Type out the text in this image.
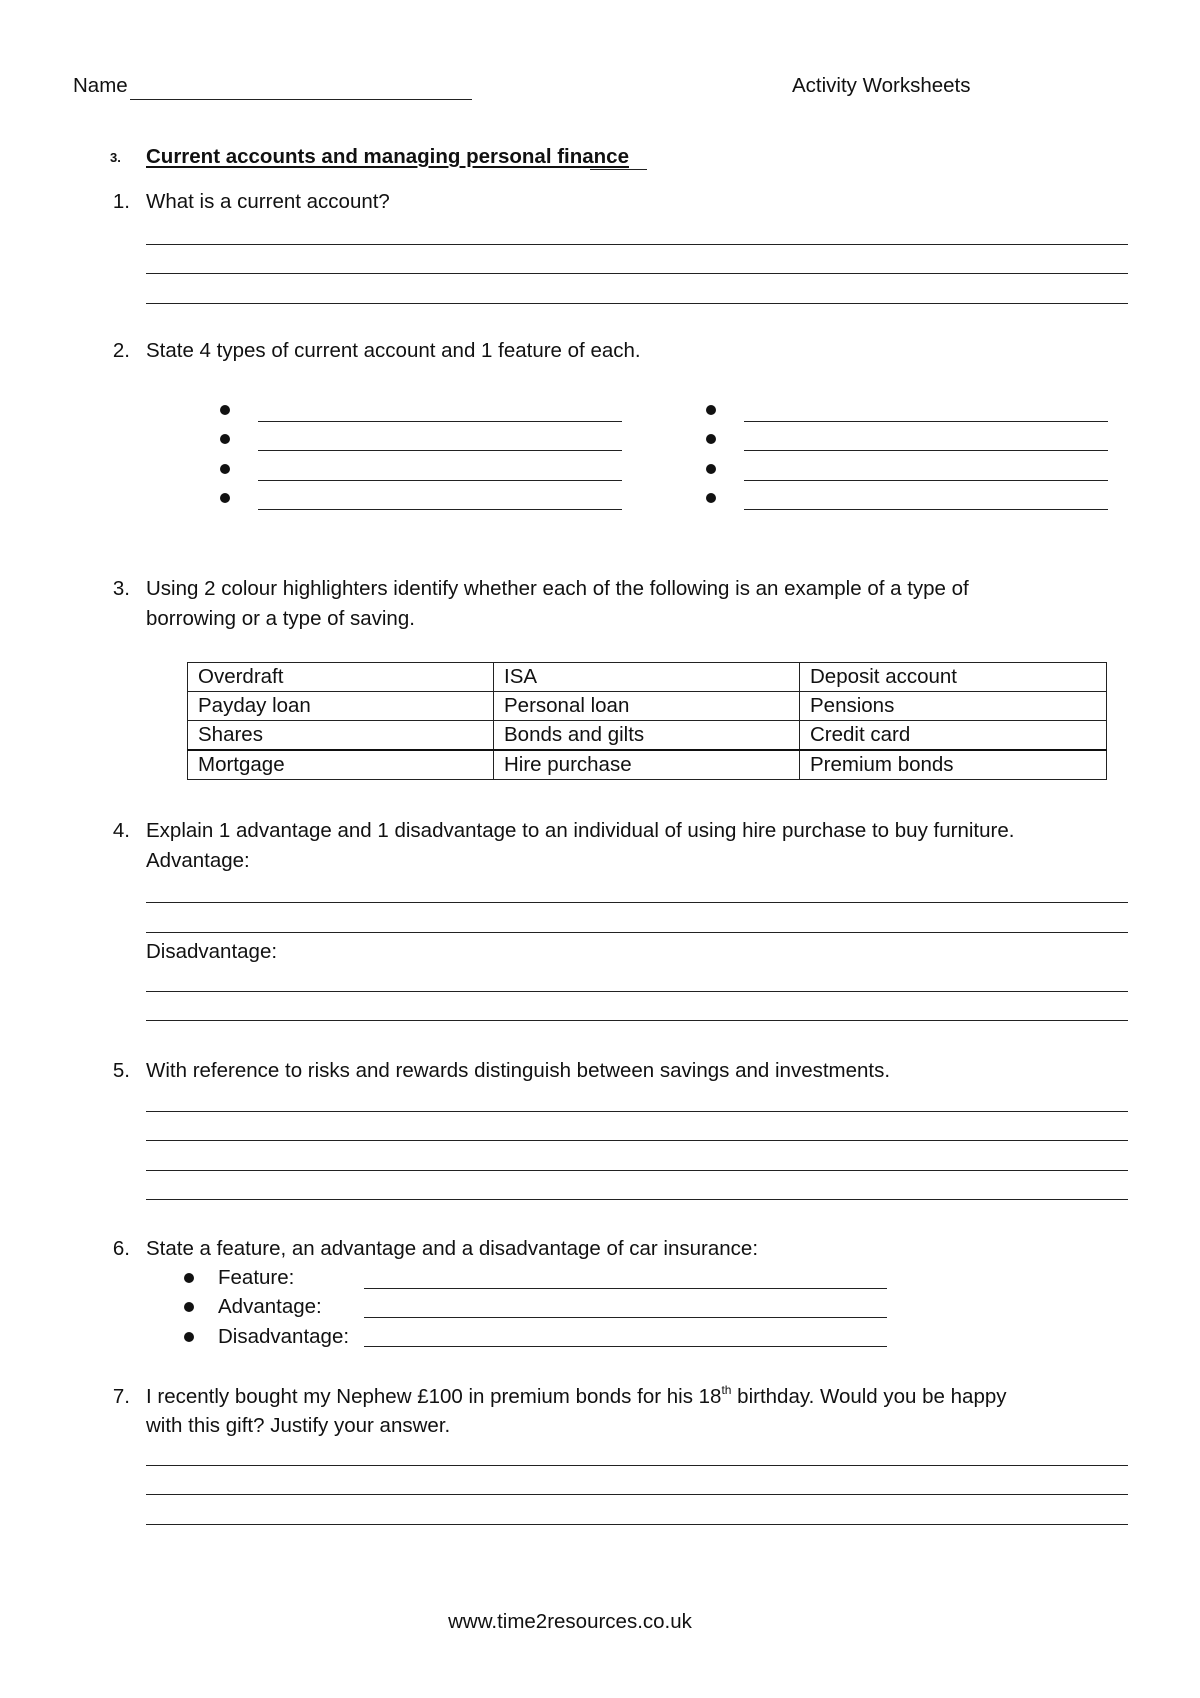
Name	Activity Worksheets
3. Current accounts and managing personal finance
1. What is a current account?
2. State 4 types of current account and 1 feature of each.
3. Using 2 colour highlighters identify whether each of the following is an example of a type of
borrowing or a type of saving.
Overdraft	ISA	Deposit account
Payday loan	Personal loan	Pensions
Shares	Bonds and gilts	Credit card
Mortgage	Hire purchase	Premium bonds
4. Explain 1 advantage and 1 disadvantage to an individual of using hire purchase to buy furniture.
Advantage:
Disadvantage:
5. With reference to risks and rewards distinguish between savings and investments.
6. State a feature, an advantage and a disadvantage of car insurance:
Feature:
Advantage:
Disadvantage:
7. I recently bought my Nephew £100 in premium bonds for his 18th birthday. Would you be happy
with this gift? Justify your answer.
www.time2resources.co.uk
